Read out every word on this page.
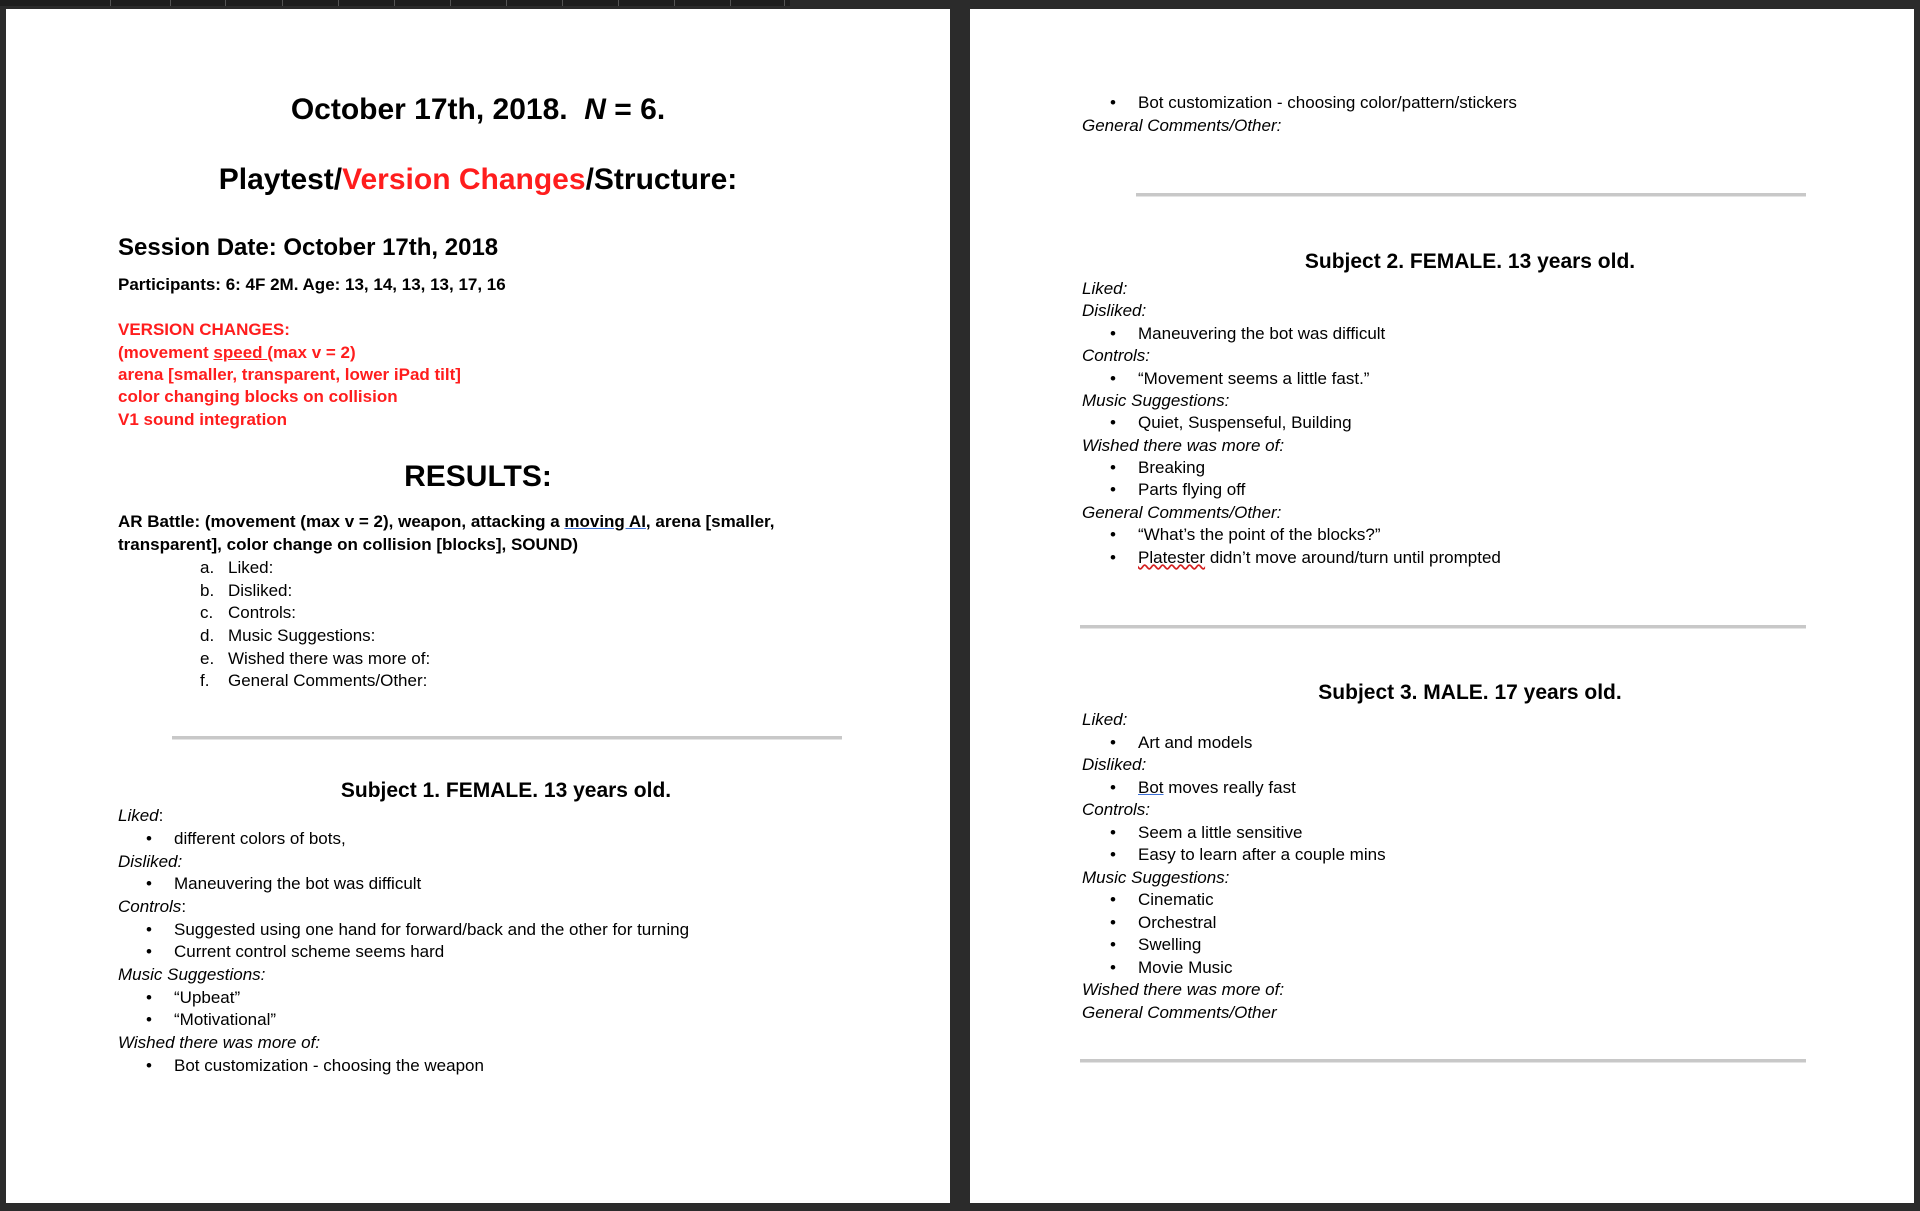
October 17th, 2018. N = 6.
Playtest/Version Changes/Structure:
Session Date: October 17th, 2018
Participants: 6: 4F 2M. Age: 13, 14, 13, 13, 17, 16
VERSION CHANGES:
(movement speed (max v = 2)
arena [smaller, transparent, lower iPad tilt]
color changing blocks on collision
V1 sound integration
RESULTS:
AR Battle: (movement (max v = 2), weapon, attacking a moving AI, arena [smaller,
transparent], color change on collision [blocks], SOUND)
a. Liked:
b. Disliked:
c. Controls:
d. Music Suggestions:
e. Wished there was more of:
f. General Comments/Other:
Subject 1. FEMALE. 13 years old.
Liked:
• different colors of bots,
Disliked:
• Maneuvering the bot was difficult
Controls:
• Suggested using one hand for forward/back and the other for turning
• Current control scheme seems hard
Music Suggestions:
• “Upbeat”
• “Motivational”
Wished there was more of:
• Bot customization - choosing the weapon
• Bot customization - choosing color/pattern/stickers
General Comments/Other:
Subject 2. FEMALE. 13 years old.
Liked:
Disliked:
• Maneuvering the bot was difficult
Controls:
• “Movement seems a little fast.”
Music Suggestions:
• Quiet, Suspenseful, Building
Wished there was more of:
• Breaking
• Parts flying off
General Comments/Other:
• “What’s the point of the blocks?”
• Platester didn’t move around/turn until prompted
Subject 3. MALE. 17 years old.
Liked:
• Art and models
Disliked:
• Bot moves really fast
Controls:
• Seem a little sensitive
• Easy to learn after a couple mins
Music Suggestions:
• Cinematic
• Orchestral
• Swelling
• Movie Music
Wished there was more of:
General Comments/Other
